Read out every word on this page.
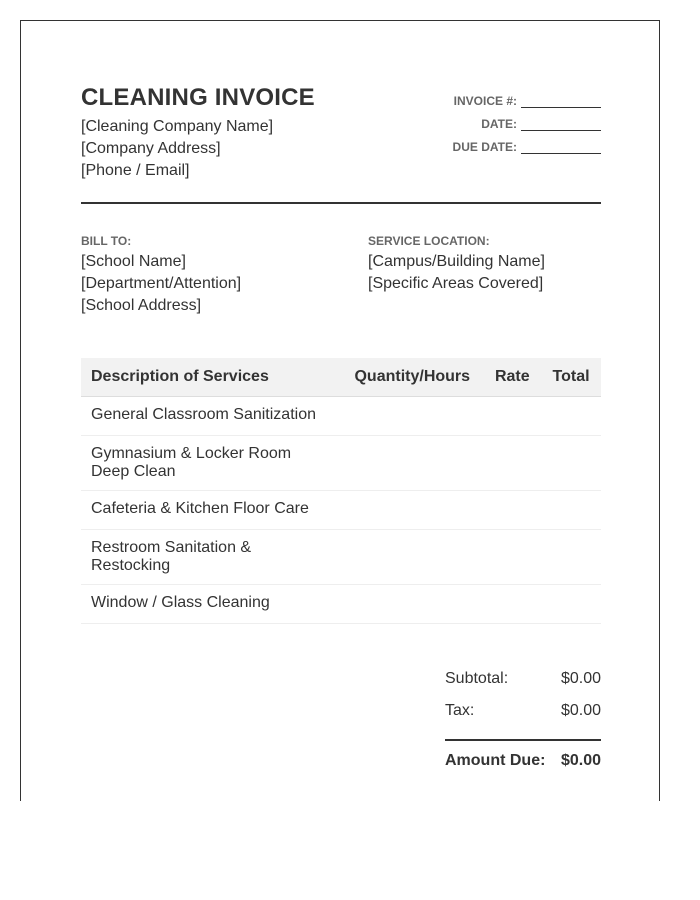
CLEANING INVOICE
[Cleaning Company Name]
[Company Address]
[Phone / Email]
INVOICE #:
DATE:
DUE DATE:
BILL TO:
[School Name]
[Department/Attention]
[School Address]
SERVICE LOCATION:
[Campus/Building Name]
[Specific Areas Covered]
Description of Services	Quantity/Hours	Rate	Total
General Classroom Sanitization			
Gymnasium & Locker Room Deep Clean			
Cafeteria & Kitchen Floor Care			
Restroom Sanitation & Restocking			
Window / Glass Cleaning			
Subtotal:	$0.00
Tax:	$0.00
Amount Due: $0.00
